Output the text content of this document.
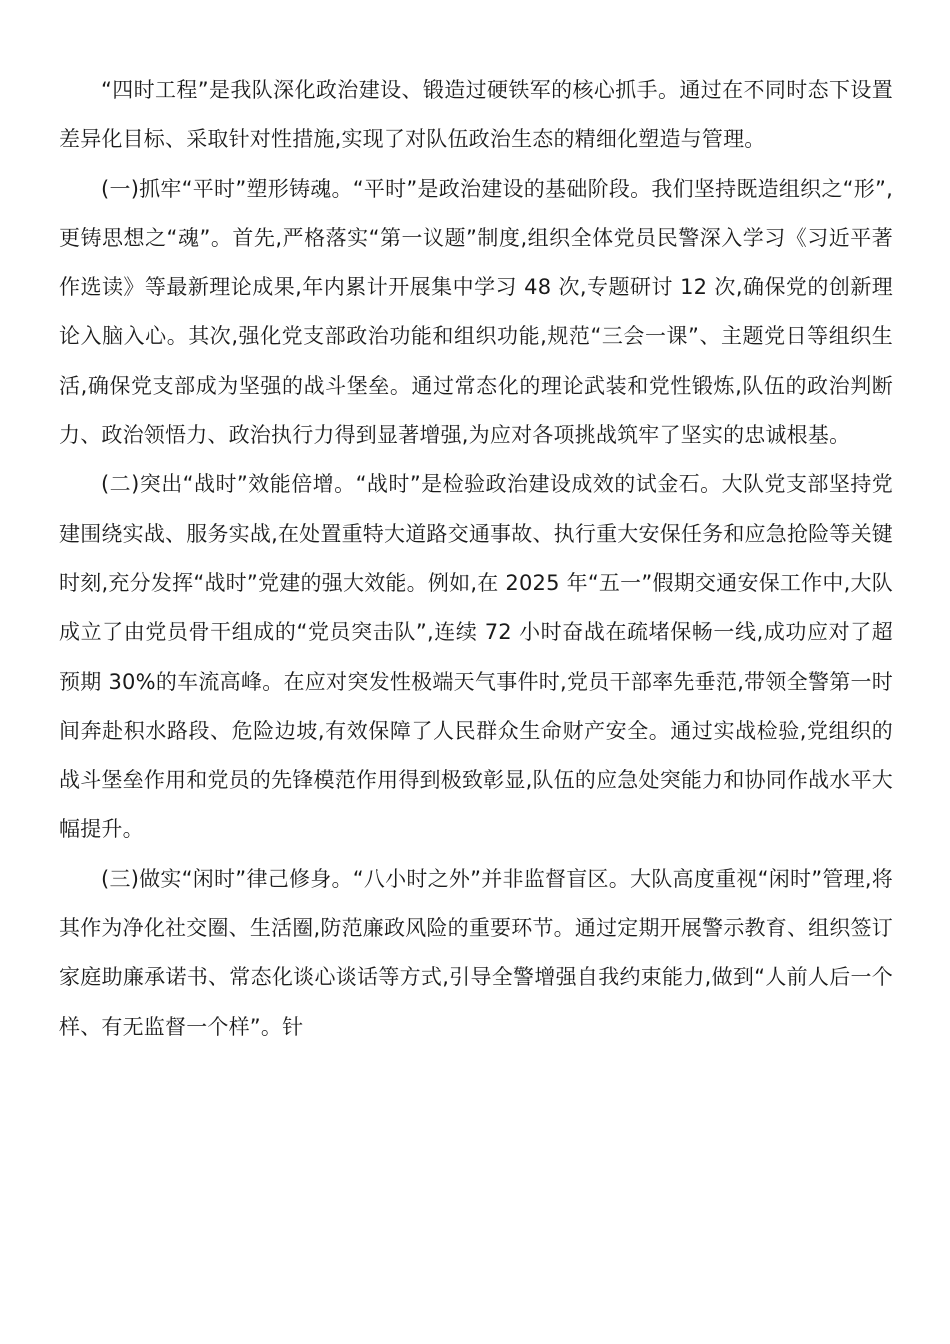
“四时工程”是我队深化政治建设、锻造过硬铁军的核心抓手。通过在不同时态下设置差异化目标、采取针对性措施,实现了对队伍政治生态的精细化塑造与管理。

(一)抓牢“平时”塑形铸魂。“平时”是政治建设的基础阶段。我们坚持既造组织之“形”,更铸思想之“魂”。首先,严格落实“第一议题”制度,组织全体党员民警深入学习《习近平著作选读》等最新理论成果,年内累计开展集中学习 48 次,专题研讨 12 次,确保党的创新理论入脑入心。其次,强化党支部政治功能和组织功能,规范“三会一课”、主题党日等组织生活,确保党支部成为坚强的战斗堡垒。通过常态化的理论武装和党性锻炼,队伍的政治判断力、政治领悟力、政治执行力得到显著增强,为应对各项挑战筑牢了坚实的忠诚根基。

(二)突出“战时”效能倍增。“战时”是检验政治建设成效的试金石。大队党支部坚持党建围绕实战、服务实战,在处置重特大道路交通事故、执行重大安保任务和应急抢险等关键时刻,充分发挥“战时”党建的强大效能。例如,在 2025 年“五一”假期交通安保工作中,大队成立了由党员骨干组成的“党员突击队”,连续 72 小时奋战在疏堵保畅一线,成功应对了超预期 30%的车流高峰。在应对突发性极端天气事件时,党员干部率先垂范,带领全警第一时间奔赴积水路段、危险边坡,有效保障了人民群众生命财产安全。通过实战检验,党组织的战斗堡垒作用和党员的先锋模范作用得到极致彰显,队伍的应急处突能力和协同作战水平大幅提升。

(三)做实“闲时”律己修身。“八小时之外”并非监督盲区。大队高度重视“闲时”管理,将其作为净化社交圈、生活圈,防范廉政风险的重要环节。通过定期开展警示教育、组织签订家庭助廉承诺书、常态化谈心谈话等方式,引导全警增强自我约束能力,做到“人前人后一个样、有无监督一个样”。针
